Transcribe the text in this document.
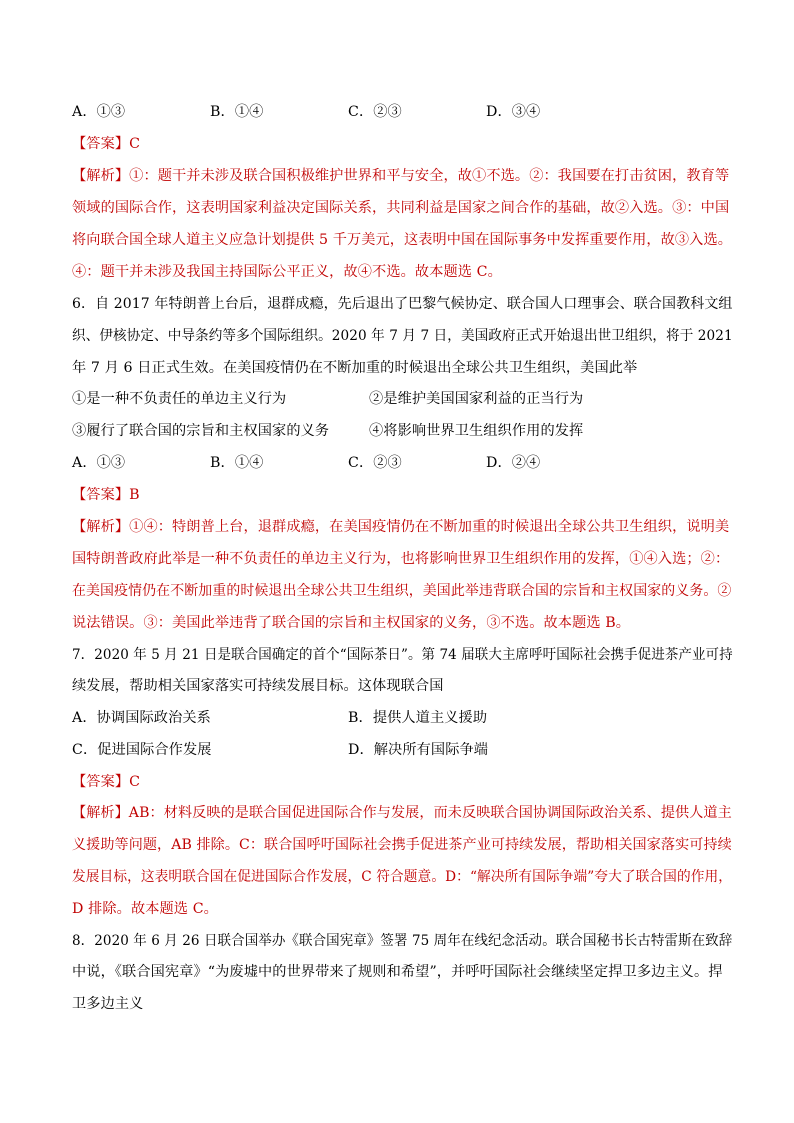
A．①③	B．①④	C．②③	D．③④
【答案】C
【解析】①：题干并未涉及联合国积极维护世界和平与安全，故①不选。②：我国要在打击贫困，教育等
领域的国际合作，这表明国家利益决定国际关系，共同利益是国家之间合作的基础，故②入选。③：中国
将向联合国全球人道主义应急计划提供 5 千万美元，这表明中国在国际事务中发挥重要作用，故③入选。
④：题干并未涉及我国主持国际公平正义，故④不选。故本题选 C。
6．自 2017 年特朗普上台后，退群成瘾，先后退出了巴黎气候协定、联合国人口理事会、联合国教科文组
织、伊核协定、中导条约等多个国际组织。2020 年 7 月 7 日，美国政府正式开始退出世卫组织，将于 2021
年 7 月 6 日正式生效。在美国疫情仍在不断加重的时候退出全球公共卫生组织，美国此举
①是一种不负责任的单边主义行为	②是维护美国国家利益的正当行为
③履行了联合国的宗旨和主权国家的义务	④将影响世界卫生组织作用的发挥
A．①③	B．①④	C．②③	D．②④
【答案】B
【解析】①④：特朗普上台，退群成瘾，在美国疫情仍在不断加重的时候退出全球公共卫生组织，说明美
国特朗普政府此举是一种不负责任的单边主义行为，也将影响世界卫生组织作用的发挥，①④入选；②：
在美国疫情仍在不断加重的时候退出全球公共卫生组织，美国此举违背联合国的宗旨和主权国家的义务。②
说法错误。③：美国此举违背了联合国的宗旨和主权国家的义务，③不选。故本题选 B。
7．2020 年 5 月 21 日是联合国确定的首个“国际茶日”。第 74 届联大主席呼吁国际社会携手促进茶产业可持
续发展，帮助相关国家落实可持续发展目标。这体现联合国
A．协调国际政治关系	B．提供人道主义援助
C．促进国际合作发展	D．解决所有国际争端
【答案】C
【解析】AB：材料反映的是联合国促进国际合作与发展，而未反映联合国协调国际政治关系、提供人道主
义援助等问题，AB 排除。C：联合国呼吁国际社会携手促进茶产业可持续发展，帮助相关国家落实可持续
发展目标，这表明联合国在促进国际合作发展，C 符合题意。D：“解决所有国际争端”夸大了联合国的作用，
D 排除。故本题选 C。
8．2020 年 6 月 26 日联合国举办《联合国宪章》签署 75 周年在线纪念活动。联合国秘书长古特雷斯在致辞
中说，《联合国宪章》“为废墟中的世界带来了规则和希望”，并呼吁国际社会继续坚定捍卫多边主义。捍
卫多边主义
